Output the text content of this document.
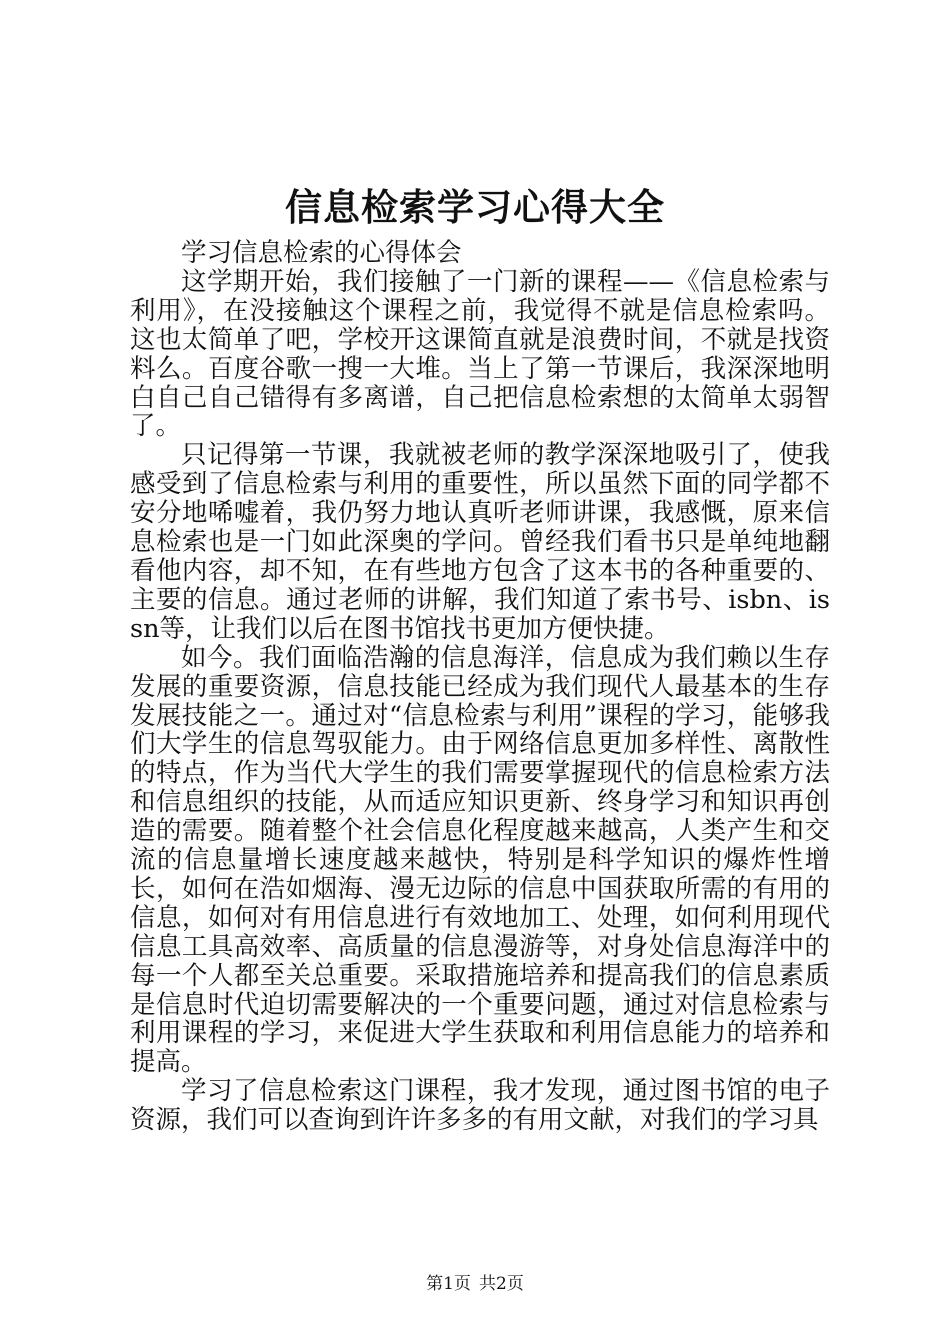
信息检索学习心得大全

学习信息检索的心得体会

这学期开始，我们接触了一门新的课程——《信息检索与利用》，在没接触这个课程之前，我觉得不就是信息检索吗。这也太简单了吧，学校开这课简直就是浪费时间，不就是找资料么。百度谷歌一搜一大堆。当上了第一节课后，我深深地明白自己自己错得有多离谱，自己把信息检索想的太简单太弱智了。

只记得第一节课，我就被老师的教学深深地吸引了，使我感受到了信息检索与利用的重要性，所以虽然下面的同学都不安分地唏嘘着，我仍努力地认真听老师讲课，我感慨，原来信息检索也是一门如此深奥的学问。曾经我们看书只是单纯地翻看他内容，却不知，在有些地方包含了这本书的各种重要的、主要的信息。通过老师的讲解，我们知道了索书号、isbn、issn等，让我们以后在图书馆找书更加方便快捷。

如今。我们面临浩瀚的信息海洋，信息成为我们赖以生存发展的重要资源，信息技能已经成为我们现代人最基本的生存发展技能之一。通过对“信息检索与利用”课程的学习，能够我们大学生的信息驾驭能力。由于网络信息更加多样性、离散性的特点，作为当代大学生的我们需要掌握现代的信息检索方法和信息组织的技能，从而适应知识更新、终身学习和知识再创造的需要。随着整个社会信息化程度越来越高，人类产生和交流的信息量增长速度越来越快，特别是科学知识的爆炸性增长，如何在浩如烟海、漫无边际的信息中国获取所需的有用的信息，如何对有用信息进行有效地加工、处理，如何利用现代信息工具高效率、高质量的信息漫游等，对身处信息海洋中的每一个人都至关总重要。采取措施培养和提高我们的信息素质是信息时代迫切需要解决的一个重要问题，通过对信息检索与利用课程的学习，来促进大学生获取和利用信息能力的培养和提高。

学习了信息检索这门课程，我才发现，通过图书馆的电子资源，我们可以查询到许许多多的有用文献，对我们的学习具

第1页 共2页
